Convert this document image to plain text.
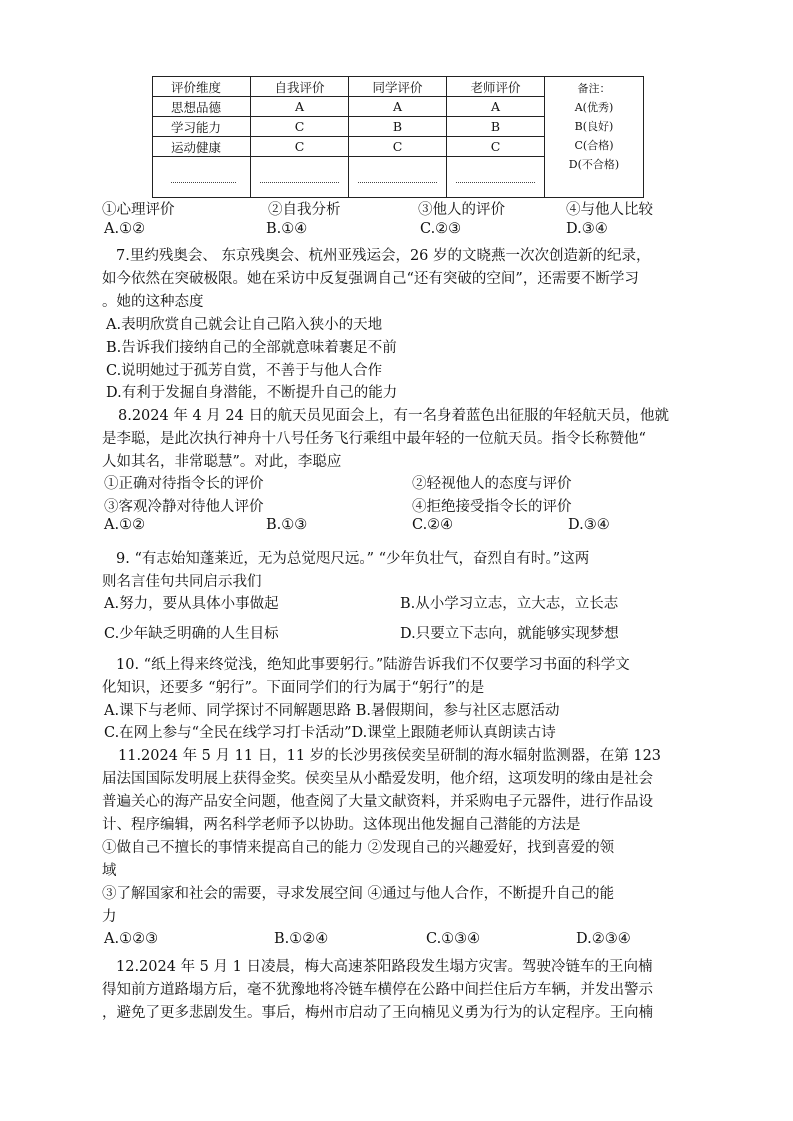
评价维度	自我评价	同学评价	老师评价	备注：
A(优秀)
B(良好)
C(合格)
D(不合格)

思想品德	A	A	A	
学习能力	C	B	B	
运动健康	C	C	C	

①心理评价	②自我分析	③他人的评价	④与他人比较
A.①②	B.①④	C.②③	D.③④
7.里约残奥会、 东京残奥会、杭州亚残运会，26 岁的文晓燕一次次创造新的纪录，
如今依然在突破极限。她在采访中反复强调自己“还有突破的空间”，还需要不断学习
。她的这种态度
A.表明欣赏自己就会让自己陷入狭小的天地
B.告诉我们接纳自己的全部就意味着裹足不前
C.说明她过于孤芳自赏，不善于与他人合作
D.有利于发掘自身潜能，不断提升自己的能力
8.2024 年 4 月 24 日的航天员见面会上，有一名身着蓝色出征服的年轻航天员，他就
是李聪，是此次执行神舟十八号任务飞行乘组中最年轻的一位航天员。指令长称赞他“
人如其名，非常聪慧”。对此，李聪应
①正确对待指令长的评价	②轻视他人的态度与评价
③客观冷静对待他人评价	④拒绝接受指令长的评价
A.①②	B.①③	C.②④	D.③④
9. “有志始知蓬莱近，无为总觉咫尺远。” “少年负壮气，奋烈自有时。”这两
则名言佳句共同启示我们
A.努力，要从具体小事做起	B.从小学习立志，立大志，立长志
C.少年缺乏明确的人生目标	D.只要立下志向，就能够实现梦想
10. “纸上得来终觉浅，绝知此事要躬行。”陆游告诉我们不仅要学习书面的科学文
化知识，还要多 “躬行”。下面同学们的行为属于“躬行”的是
A.课下与老师、同学探讨不同解题思路 B.暑假期间，参与社区志愿活动
C.在网上参与“全民在线学习打卡活动”D.课堂上跟随老师认真朗读古诗
11.2024 年 5 月 11 日，11 岁的长沙男孩侯奕呈研制的海水辐射监测器，在第 123
届法国国际发明展上获得金奖。侯奕呈从小酷爱发明，他介绍，这项发明的缘由是社会
普遍关心的海产品安全问题，他查阅了大量文献资料，并采购电子元器件，进行作品设
计、程序编辑，两名科学老师予以协助。这体现出他发掘自己潜能的方法是
①做自己不擅长的事情来提高自己的能力 ②发现自己的兴趣爱好，找到喜爱的领
域
③了解国家和社会的需要，寻求发展空间 ④通过与他人合作，不断提升自己的能
力
A.①②③	B.①②④	C.①③④	D.②③④
12.2024 年 5 月 1 日凌晨，梅大高速茶阳路段发生塌方灾害。驾驶冷链车的王向楠
得知前方道路塌方后，毫不犹豫地将冷链车横停在公路中间拦住后方车辆，并发出警示
，避免了更多悲剧发生。事后，梅州市启动了王向楠见义勇为行为的认定程序。王向楠
